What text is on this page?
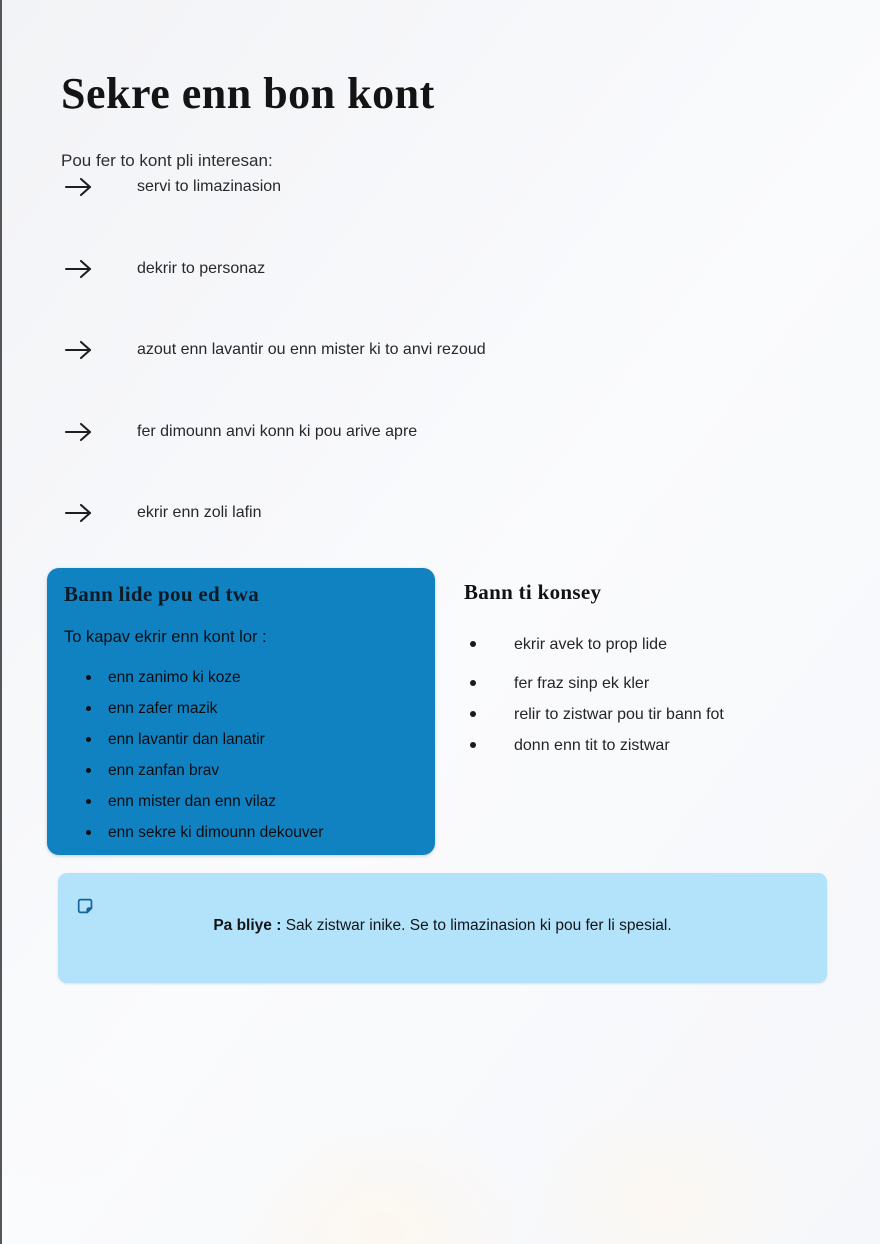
Sekre enn bon kont

Pou fer to kont pli interesan:

servi to limazinasion
dekrir to personaz
azout enn lavantir ou enn mister ki to anvi rezoud
fer dimounn anvi konn ki pou arive apre
ekrir enn zoli lafin
Bann lide pou ed twa

To kapav ekrir enn kont lor :

enn zanimo ki koze
enn zafer mazik
enn lavantir dan lanatir
enn zanfan brav
enn mister dan enn vilaz
enn sekre ki dimounn dekouver
Bann ti konsey
ekrir avek to prop lide
fer fraz sinp ek kler
relir to zistwar pou tir bann fot
donn enn tit to zistwar
Pa bliye : Sak zistwar inike. Se to limazinasion ki pou fer li spesial.
